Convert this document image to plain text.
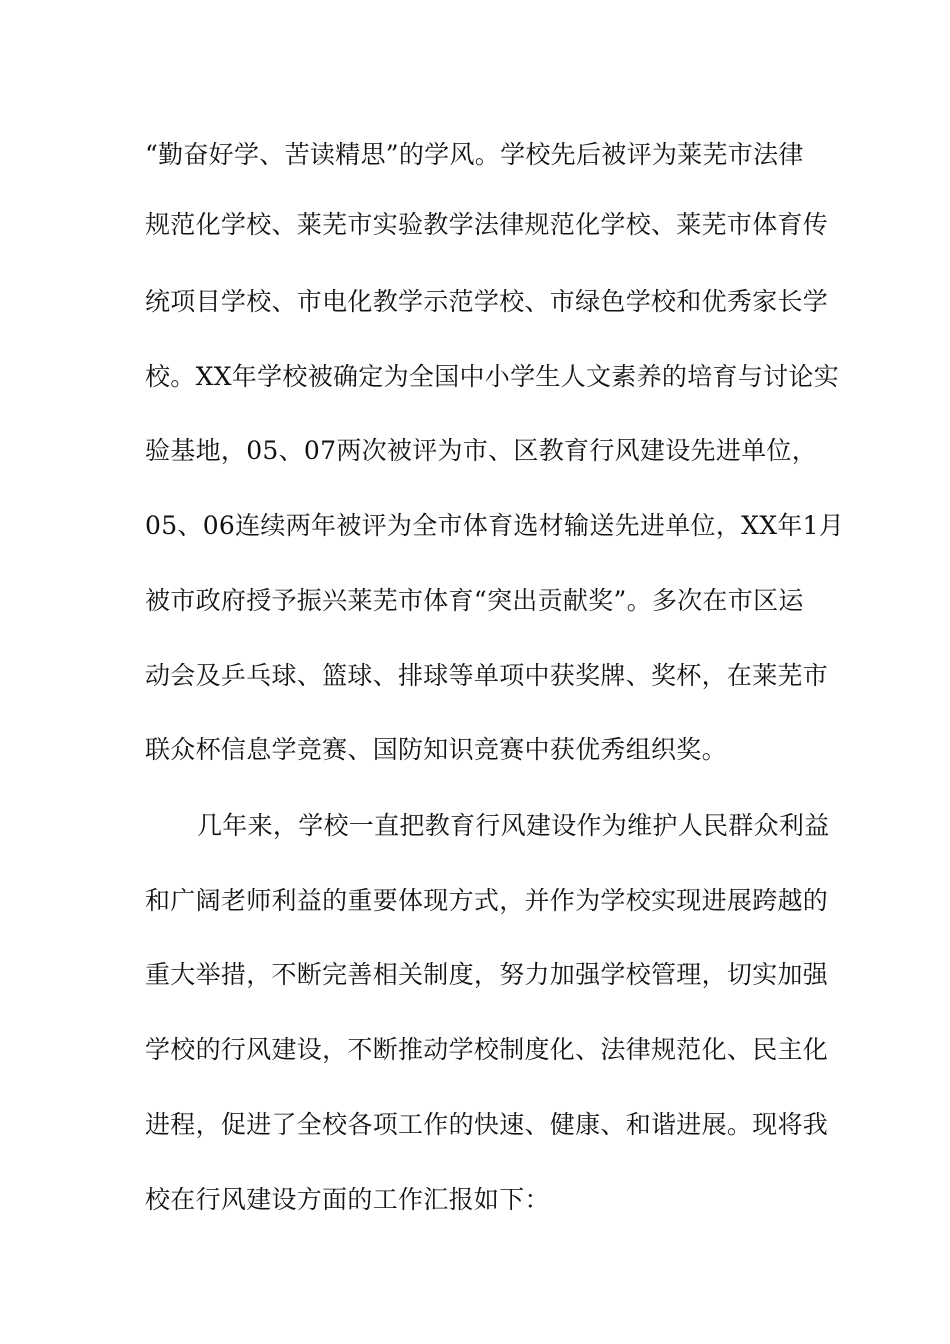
“勤奋好学、苦读精思”的学风。学校先后被评为莱芜市法律
规范化学校、莱芜市实验教学法律规范化学校、莱芜市体育传
统项目学校、市电化教学示范学校、市绿色学校和优秀家长学
校。XX年学校被确定为全国中小学生人文素养的培育与讨论实
验基地，05、07两次被评为市、区教育行风建设先进单位，
05、06连续两年被评为全市体育选材输送先进单位，XX年1月
被市政府授予振兴莱芜市体育“突出贡献奖”。多次在市区运
动会及乒乓球、篮球、排球等单项中获奖牌、奖杯，在莱芜市
联众杯信息学竞赛、国防知识竞赛中获优秀组织奖。
几年来，学校一直把教育行风建设作为维护人民群众利益
和广阔老师利益的重要体现方式，并作为学校实现进展跨越的
重大举措，不断完善相关制度，努力加强学校管理，切实加强
学校的行风建设，不断推动学校制度化、法律规范化、民主化
进程，促进了全校各项工作的快速、健康、和谐进展。现将我
校在行风建设方面的工作汇报如下：
